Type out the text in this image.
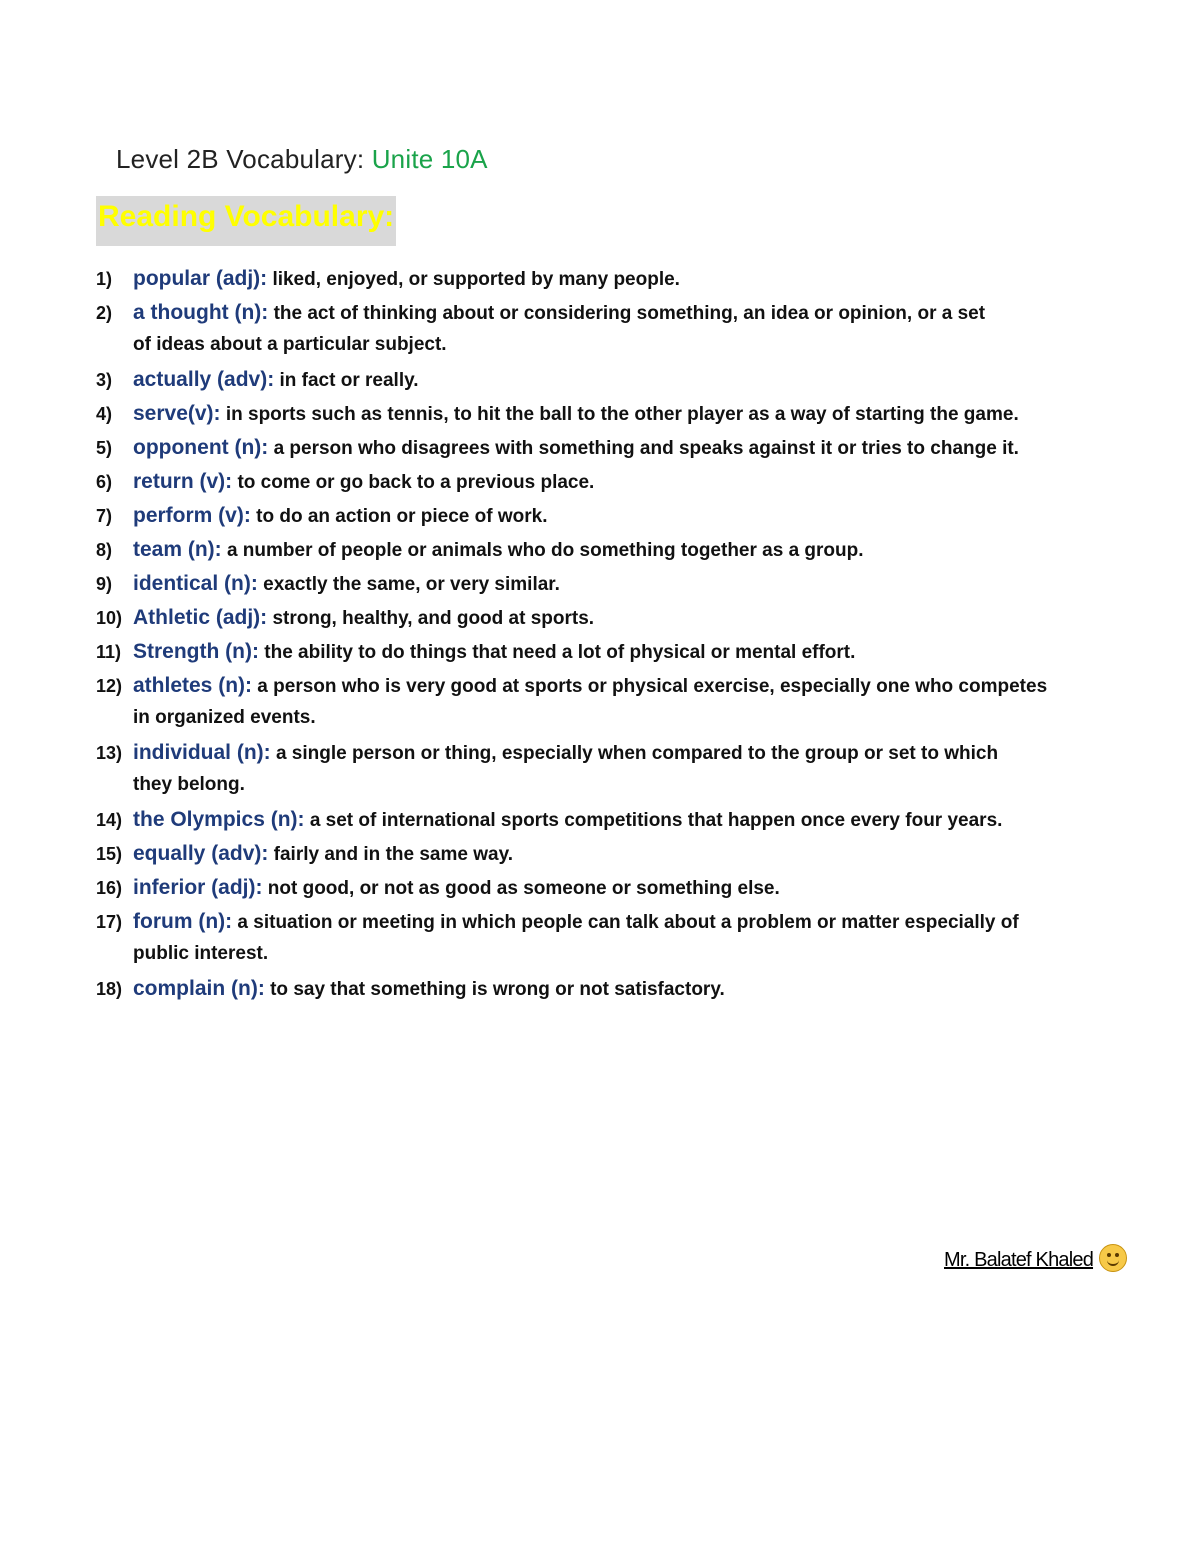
Level 2B Vocabulary: Unite 10A
Reading Vocabulary:
1) popular (adj): liked, enjoyed, or supported by many people.
2) a thought (n): the act of thinking about or considering something, an idea or opinion, or a set
of ideas about a particular subject.
3) actually (adv): in fact or really.
4) serve(v): in sports such as tennis, to hit the ball to the other player as a way of starting the game.
5) opponent (n): a person who disagrees with something and speaks against it or tries to change it.
6) return (v): to come or go back to a previous place.
7) perform (v): to do an action or piece of work.
8) team (n): a number of people or animals who do something together as a group.
9) identical (n): exactly the same, or very similar.
10) Athletic (adj): strong, healthy, and good at sports.
11) Strength (n): the ability to do things that need a lot of physical or mental effort.
12) athletes (n): a person who is very good at sports or physical exercise, especially one who competes
in organized events.
13) individual (n): a single person or thing, especially when compared to the group or set to which
they belong.
14) the Olympics (n): a set of international sports competitions that happen once every four years.
15) equally (adv): fairly and in the same way.
16) inferior (adj): not good, or not as good as someone or something else.
17) forum (n): a situation or meeting in which people can talk about a problem or matter especially of
public interest.
18) complain (n): to say that something is wrong or not satisfactory.
Mr. Balatef Khaled
